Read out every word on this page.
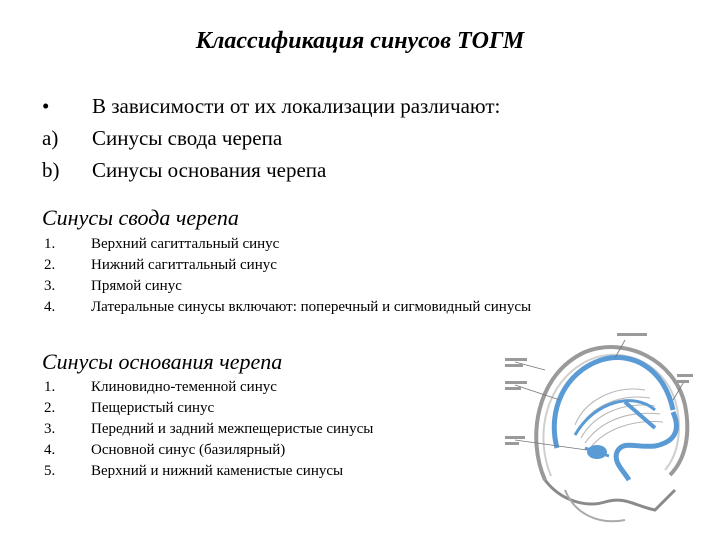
Классификация синусов ТОГМ
•	В зависимости от их локализации различают:
a)	Синусы свода черепа
b)	Синусы основания черепа
Синусы свода черепа
1.	Верхний сагиттальный синус
2.	Нижний сагиттальный синус
3.	Прямой синус
4.	Латеральные синусы включают: поперечный и сигмовидный синусы
Синусы основания черепа
1.	Клиновидно-теменной синус
2.	Пещеристый синус
3.	Передний и задний межпещеристые синусы
4.	Основной синус (базилярный)
5.	Верхний и нижний каменистые синусы
